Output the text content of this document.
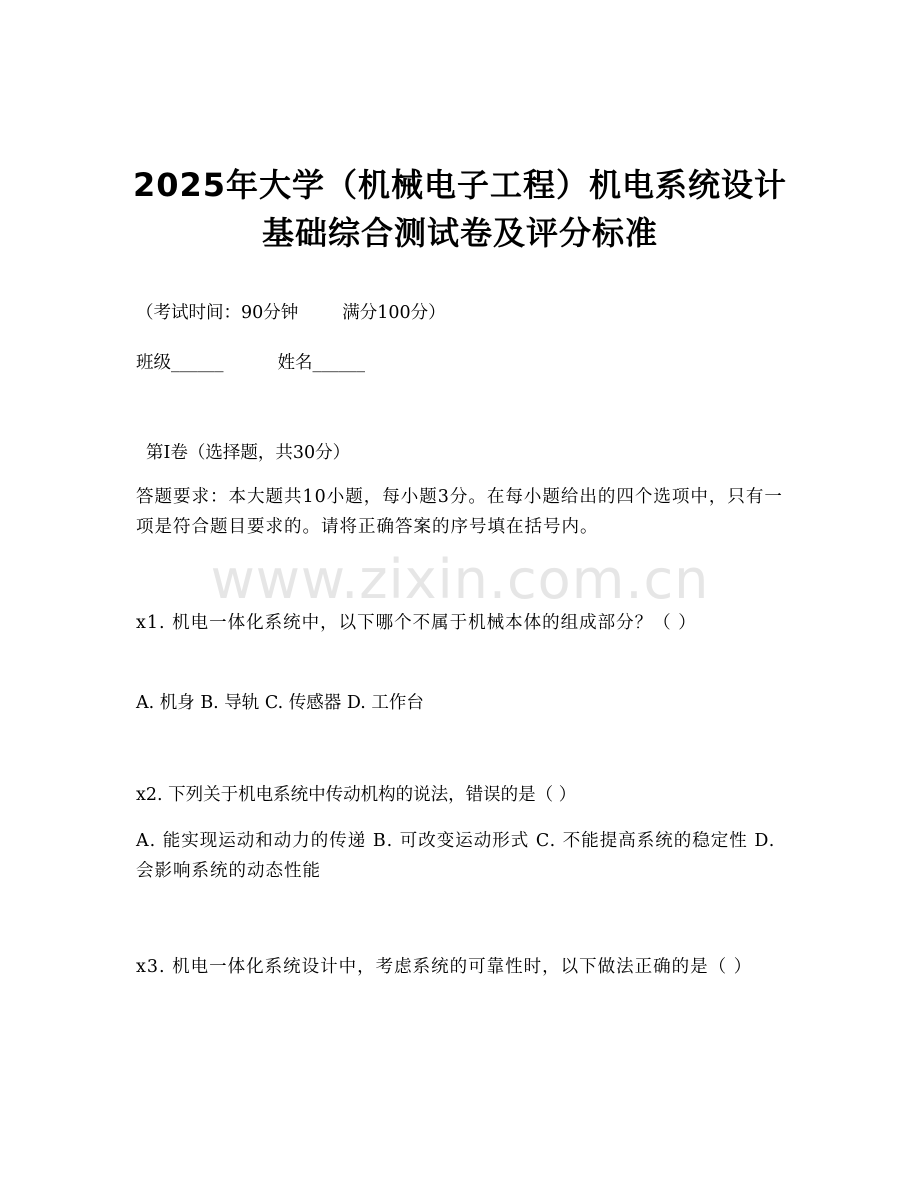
2025年大学（机械电子工程）机电系统设计
基础综合测试卷及评分标准
（考试时间：90分钟	满分100分）
班级______	姓名______
第I卷（选择题，共30分）
答题要求：本大题共10小题，每小题3分。在每小题给出的四个选项中，只有一项是符合题目要求的。请将正确答案的序号填在括号内。
www.zixin.com.cn
x1. 机电一体化系统中，以下哪个不属于机械本体的组成部分？（ ）
A. 机身 B. 导轨 C. 传感器 D. 工作台
x2. 下列关于机电系统中传动机构的说法，错误的是（ ）
A. 能实现运动和动力的传递 B. 可改变运动形式 C. 不能提高系统的稳定性 D. 会影响系统的动态性能
x3. 机电一体化系统设计中，考虑系统的可靠性时，以下做法正确的是（ ）
